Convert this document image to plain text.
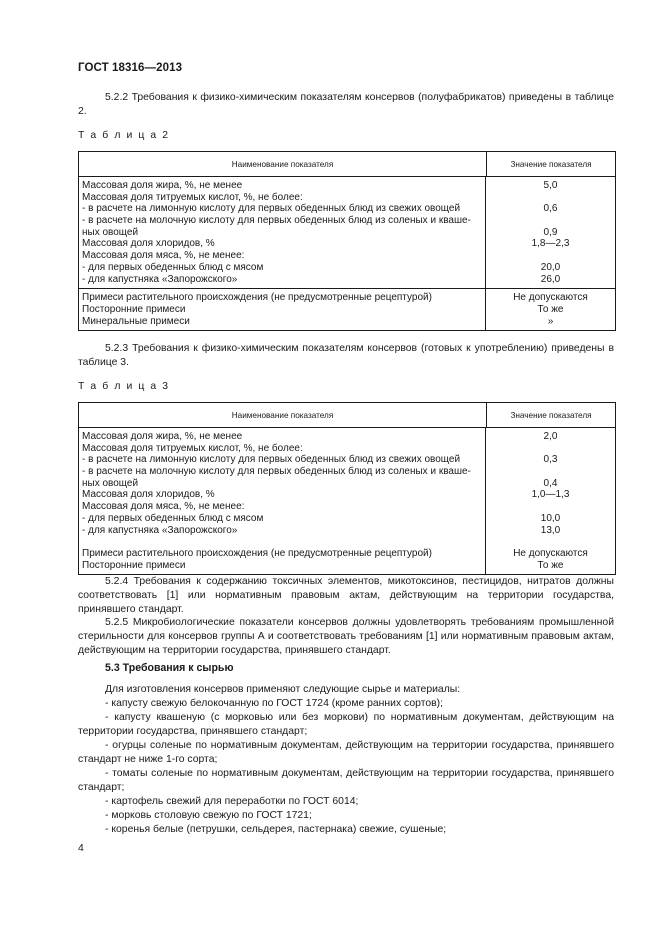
ГОСТ 18316—2013
5.2.2 Требования к физико-химическим показателям консервов (полуфабрикатов) приведены в таблице 2.
Т а б л и ц а 2
Наименование показателя	Значение показателя
Массовая доля жира, %, не менее
Массовая доля титруемых кислот, %, не более:
- в расчете на лимонную кислоту для первых обеденных блюд из свежих овощей
- в расчете на молочную кислоту для первых обеденных блюд из соленых и кваше-
ных овощей
Массовая доля хлоридов, %
Массовая доля мяса, %, не менее:
- для первых обеденных блюд с мясом
- для капустняка «Запорожского»
5,0
0,6
0,9
1,8—2,3
20,0
26,0
Примеси растительного происхождения (не предусмотренные рецептурой)
Посторонние примеси
Минеральные примеси
Не допускаются
То же
»
5.2.3 Требования к физико-химическим показателям консервов (готовых к употреблению) приведены в таблице 3.
Т а б л и ц а 3
Наименование показателя	Значение показателя
Массовая доля жира, %, не менее
Массовая доля титруемых кислот, %, не более:
- в расчете на лимонную кислоту для первых обеденных блюд из свежих овощей
- в расчете на молочную кислоту для первых обеденных блюд из соленых и кваше-
ных овощей
Массовая доля хлоридов, %
Массовая доля мяса, %, не менее:
- для первых обеденных блюд с мясом
- для капустняка «Запорожского»
Примеси растительного происхождения (не предусмотренные рецептурой)
Посторонние примеси
2,0
0,3
0,4
1,0—1,3
10,0
13,0
Не допускаются
То же
5.2.4 Требования к содержанию токсичных элементов, микотоксинов, пестицидов, нитратов должны соответствовать [1] или нормативным правовым актам, действующим на территории государства, принявшего стандарт.
5.2.5 Микробиологические показатели консервов должны удовлетворять требованиям промышленной стерильности для консервов группы А и соответствовать требованиям [1] или нормативным правовым актам, действующим на территории государства, принявшего стандарт.
5.3 Требования к сырью
Для изготовления консервов применяют следующие сырье и материалы:
- капусту свежую белокочанную по ГОСТ 1724 (кроме ранних сортов);
- капусту квашеную (с морковью или без моркови) по нормативным документам, действующим на территории государства, принявшего стандарт;
- огурцы соленые по нормативным документам, действующим на территории государства, принявшего стандарт не ниже 1-го сорта;
- томаты соленые по нормативным документам, действующим на территории государства, принявшего стандарт;
- картофель свежий для переработки по ГОСТ 6014;
- морковь столовую свежую по ГОСТ 1721;
- коренья белые (петрушки, сельдерея, пастернака) свежие, сушеные;
4
